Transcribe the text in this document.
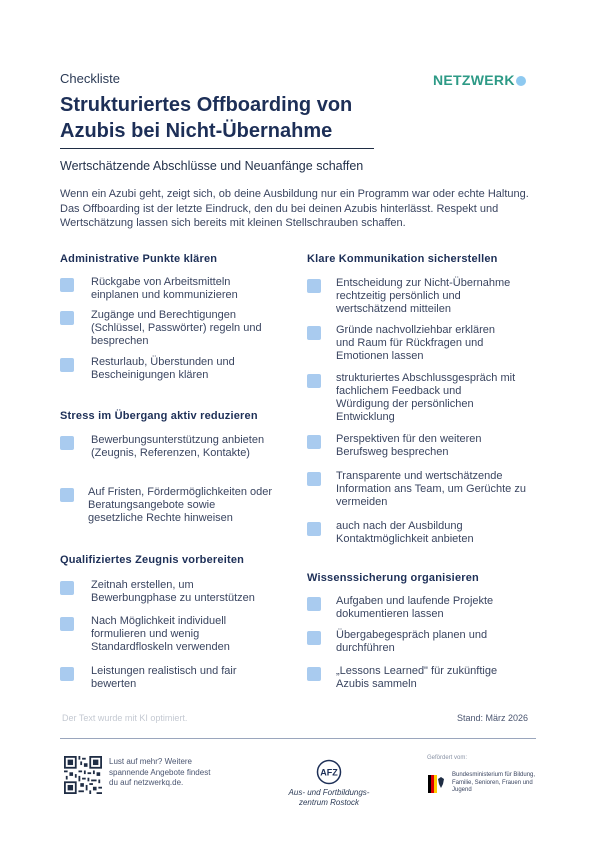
Checkliste	NETZWERK
Strukturiertes Offboarding von
Azubis bei Nicht-Übernahme
Wertschätzende Abschlüsse und Neuanfänge schaffen
Wenn ein Azubi geht, zeigt sich, ob deine Ausbildung nur ein Programm war oder echte Haltung. Das Offboarding ist der letzte Eindruck, den du bei deinen Azubis hinterlässt. Respekt und Wertschätzung lassen sich bereits mit kleinen Stellschrauben schaffen.
Administrative Punkte klären
Rückgabe von Arbeitsmitteln einplanen und kommunizieren
Zugänge und Berechtigungen (Schlüssel, Passwörter) regeln und besprechen
Resturlaub, Überstunden und Bescheinigungen klären
Stress im Übergang aktiv reduzieren
Bewerbungsunterstützung anbieten (Zeugnis, Referenzen, Kontakte)
Auf Fristen, Fördermöglichkeiten oder Beratungsangebote sowie gesetzliche Rechte hinweisen
Qualifiziertes Zeugnis vorbereiten
Zeitnah erstellen, um Bewerbungphase zu unterstützen
Nach Möglichkeit individuell formulieren und wenig Standardfloskeln verwenden
Leistungen realistisch und fair bewerten
Klare Kommunikation sicherstellen
Entscheidung zur Nicht-Übernahme rechtzeitig persönlich und wertschätzend mitteilen
Gründe nachvollziehbar erklären und Raum für Rückfragen und Emotionen lassen
strukturiertes Abschlussgespräch mit fachlichem Feedback und Würdigung der persönlichen Entwicklung
Perspektiven für den weiteren Berufsweg besprechen
Transparente und wertschätzende Information ans Team, um Gerüchte zu vermeiden
auch nach der Ausbildung Kontaktmöglichkeit anbieten
Wissenssicherung organisieren
Aufgaben und laufende Projekte dokumentieren lassen
Übergabegespräch planen und durchführen
„Lessons Learned" für zukünftige Azubis sammeln
Der Text wurde mit KI optimiert.	Stand: März 2026
Lust auf mehr? Weitere spannende Angebote findest du auf netzwerkq.de.
AFZ
Aus- und Fortbildungs-zentrum Rostock
Gefördert vom:
Bundesministerium für Bildung, Familie, Senioren, Frauen und Jugend
